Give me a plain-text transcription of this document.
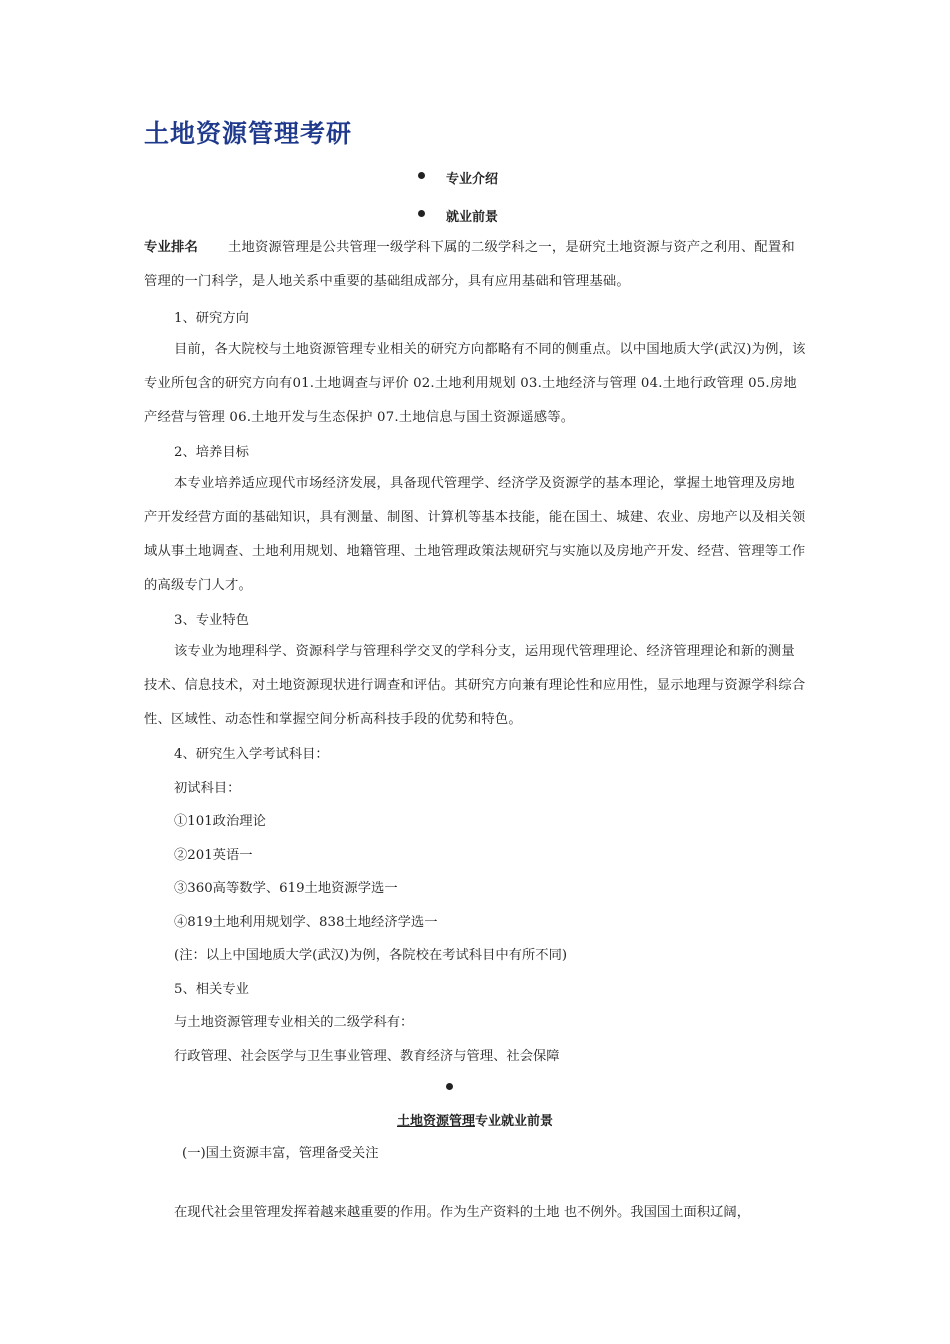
土地资源管理考研
专业介绍
就业前景

专业排名 土地资源管理是公共管理一级学科下属的二级学科之一，是研究土地资源与资产之利用、配置和管理的一门科学，是人地关系中重要的基础组成部分，具有应用基础和管理基础。

1、研究方向

目前，各大院校与土地资源管理专业相关的研究方向都略有不同的侧重点。以中国地质大学(武汉)为例，该专业所包含的研究方向有01.土地调查与评价 02.土地利用规划 03.土地经济与管理 04.土地行政管理 05.房地产经营与管理 06.土地开发与生态保护 07.土地信息与国土资源遥感等。

2、培养目标

本专业培养适应现代市场经济发展，具备现代管理学、经济学及资源学的基本理论，掌握土地管理及房地产开发经营方面的基础知识，具有测量、制图、计算机等基本技能，能在国土、城建、农业、房地产以及相关领域从事土地调查、土地利用规划、地籍管理、土地管理政策法规研究与实施以及房地产开发、经营、管理等工作的高级专门人才。

3、专业特色

该专业为地理科学、资源科学与管理科学交叉的学科分支，运用现代管理理论、经济管理理论和新的测量技术、信息技术，对土地资源现状进行调查和评估。其研究方向兼有理论性和应用性，显示地理与资源学科综合性、区域性、动态性和掌握空间分析高科技手段的优势和特色。

4、研究生入学考试科目：

初试科目：

①101政治理论

②201英语一

③360高等数学、619土地资源学选一

④819土地利用规划学、838土地经济学选一

(注：以上中国地质大学(武汉)为例，各院校在考试科目中有所不同)

5、相关专业

与土地资源管理专业相关的二级学科有：

行政管理、社会医学与卫生事业管理、教育经济与管理、社会保障

土地资源管理专业就业前景

(一)国土资源丰富，管理备受关注

在现代社会里管理发挥着越来越重要的作用。作为生产资料的土地 也不例外。我国国土面积辽阔，
